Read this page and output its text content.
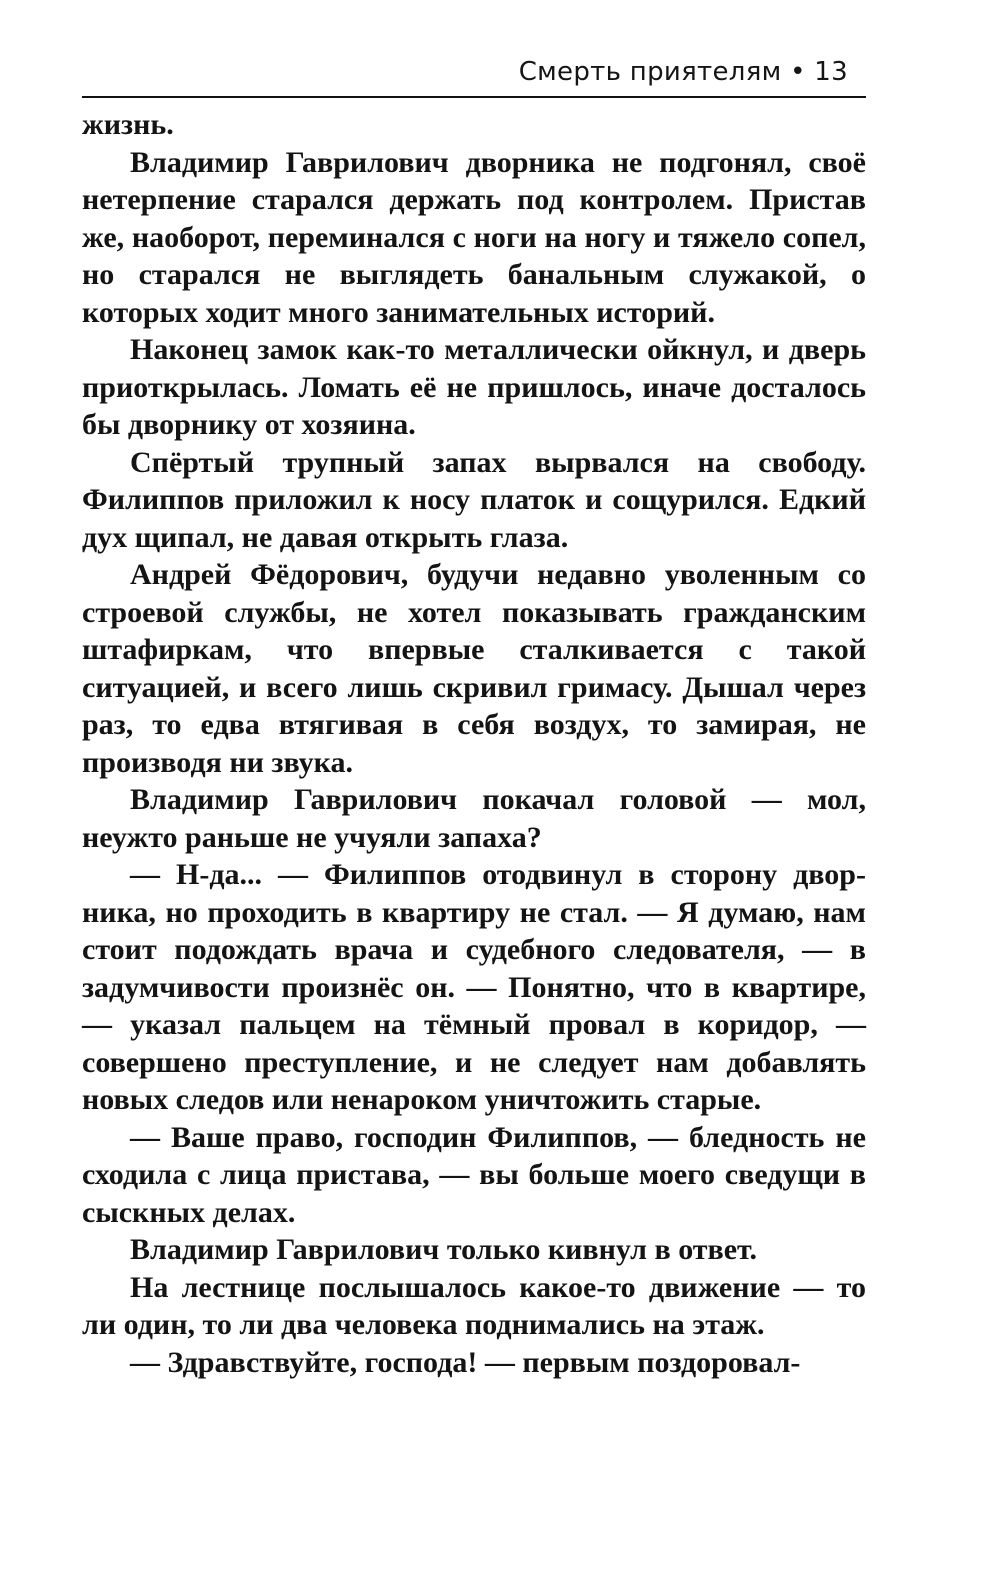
Смерть приятелям • 13

жизнь.

Владимир Гаврилович дворника не подгонял, своё нетерпение старался держать под контролем. Пристав же, наоборот, переминался с ноги на ногу и тяжело сопел, но старался не выглядеть банальным служакой, о которых ходит много занимательных историй.

Наконец замок как-то металлически ойкнул, и дверь приоткрылась. Ломать её не пришлось, иначе досталось бы дворнику от хозяина.

Спёртый трупный запах вырвался на свободу. Филиппов приложил к носу платок и сощурился. Едкий дух щипал, не давая открыть глаза.

Андрей Фёдорович, будучи недавно уволенным со строевой службы, не хотел показывать гражданским штафиркам, что впервые сталкивается с такой ситуацией, и всего лишь скривил гримасу. Дышал через раз, то едва втягивая в себя воздух, то замирая, не производя ни звука.

Владимир Гаврилович покачал головой — мол, неужто раньше не учуяли запаха?

— Н-да... — Филиппов отодвинул в сторону дворника, но проходить в квартиру не стал. — Я думаю, нам стоит подождать врача и судебного следователя, — в задумчивости произнёс он. — Понятно, что в квартире, — указал пальцем на тёмный провал в коридор, — совершено преступление, и не следует нам добавлять новых следов или ненароком уничтожить старые.

— Ваше право, господин Филиппов, — бледность не сходила с лица пристава, — вы больше моего сведущи в сыскных делах.

Владимир Гаврилович только кивнул в ответ.

На лестнице послышалось какое-то движение — то ли один, то ли два человека поднимались на этаж.

— Здравствуйте, господа! — первым поздоровал-
